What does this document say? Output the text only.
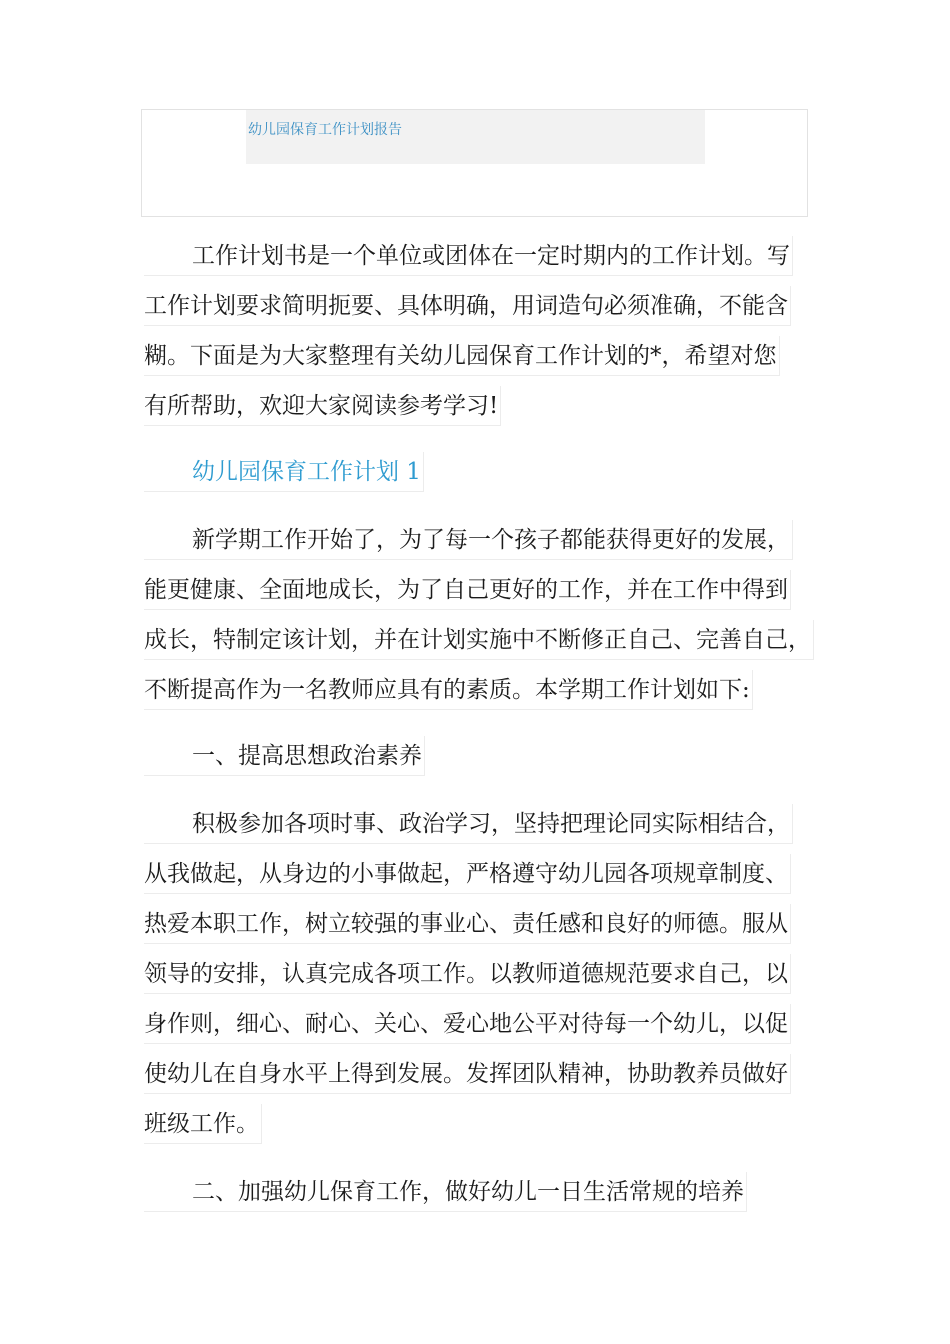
幼儿园保育工作计划报告
工作计划书是一个单位或团体在一定时期内的工作计划。写
工作计划要求简明扼要、具体明确，用词造句必须准确，不能含
糊。下面是为大家整理有关幼儿园保育工作计划的*，希望对您
有所帮助，欢迎大家阅读参考学习!
幼儿园保育工作计划 1
新学期工作开始了，为了每一个孩子都能获得更好的发展，
能更健康、全面地成长，为了自己更好的工作，并在工作中得到
成长，特制定该计划，并在计划实施中不断修正自己、完善自己，
不断提高作为一名教师应具有的素质。本学期工作计划如下:
一、提高思想政治素养
积极参加各项时事、政治学习，坚持把理论同实际相结合，
从我做起，从身边的小事做起，严格遵守幼儿园各项规章制度、
热爱本职工作，树立较强的事业心、责任感和良好的师德。服从
领导的安排，认真完成各项工作。以教师道德规范要求自己，以
身作则，细心、耐心、关心、爱心地公平对待每一个幼儿，以促
使幼儿在自身水平上得到发展。发挥团队精神，协助教养员做好
班级工作。
二、加强幼儿保育工作，做好幼儿一日生活常规的培养
